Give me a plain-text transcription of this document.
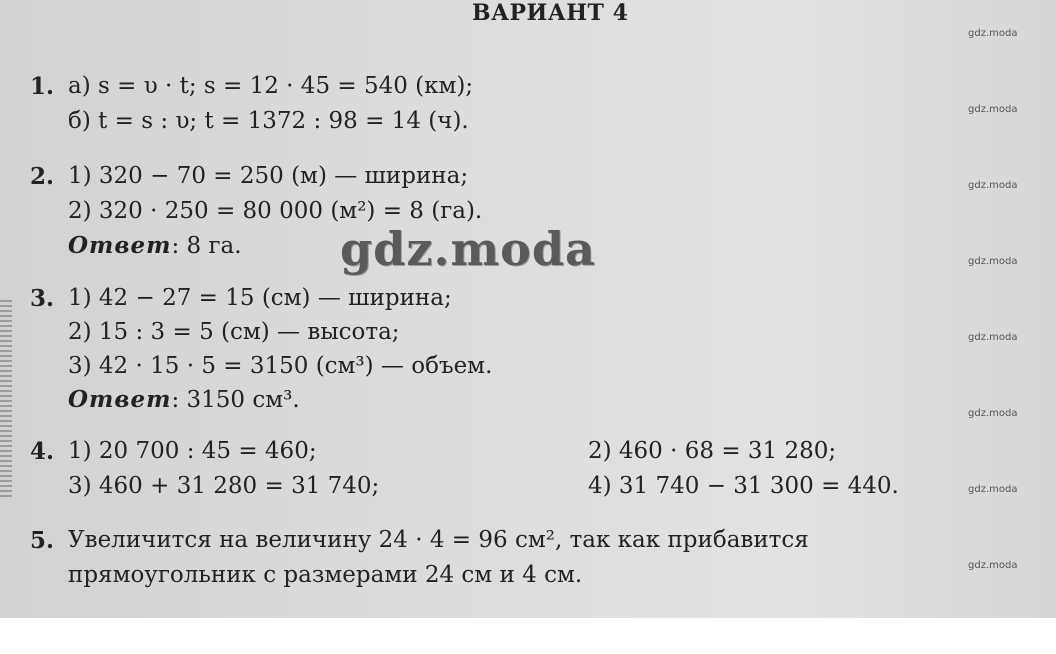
ВАРИАНТ 4
gdz.moda
gdz.moda
gdz.moda
gdz.moda
gdz.moda
gdz.moda
gdz.moda
gdz.moda
1. а) s = υ · t; s = 12 · 45 = 540 (км);
б) t = s : υ; t = 1372 : 98 = 14 (ч).
2. 1) 320 − 70 = 250 (м) — ширина;
2) 320 · 250 = 80 000 (м²) = 8 (га).
Ответ: 8 га.
3. 1) 42 − 27 = 15 (см) — ширина;
2) 15 : 3 = 5 (см) — высота;
3) 42 · 15 · 5 = 3150 (см³) — объем.
Ответ: 3150 см³.
4. 1) 20 700 : 45 = 460;
3) 460 + 31 280 = 31 740;
2) 460 · 68 = 31 280;
4) 31 740 − 31 300 = 440.
5. Увеличится на величину 24 · 4 = 96 см², так как прибавится
прямоугольник с размерами 24 см и 4 см.
gdz.moda
